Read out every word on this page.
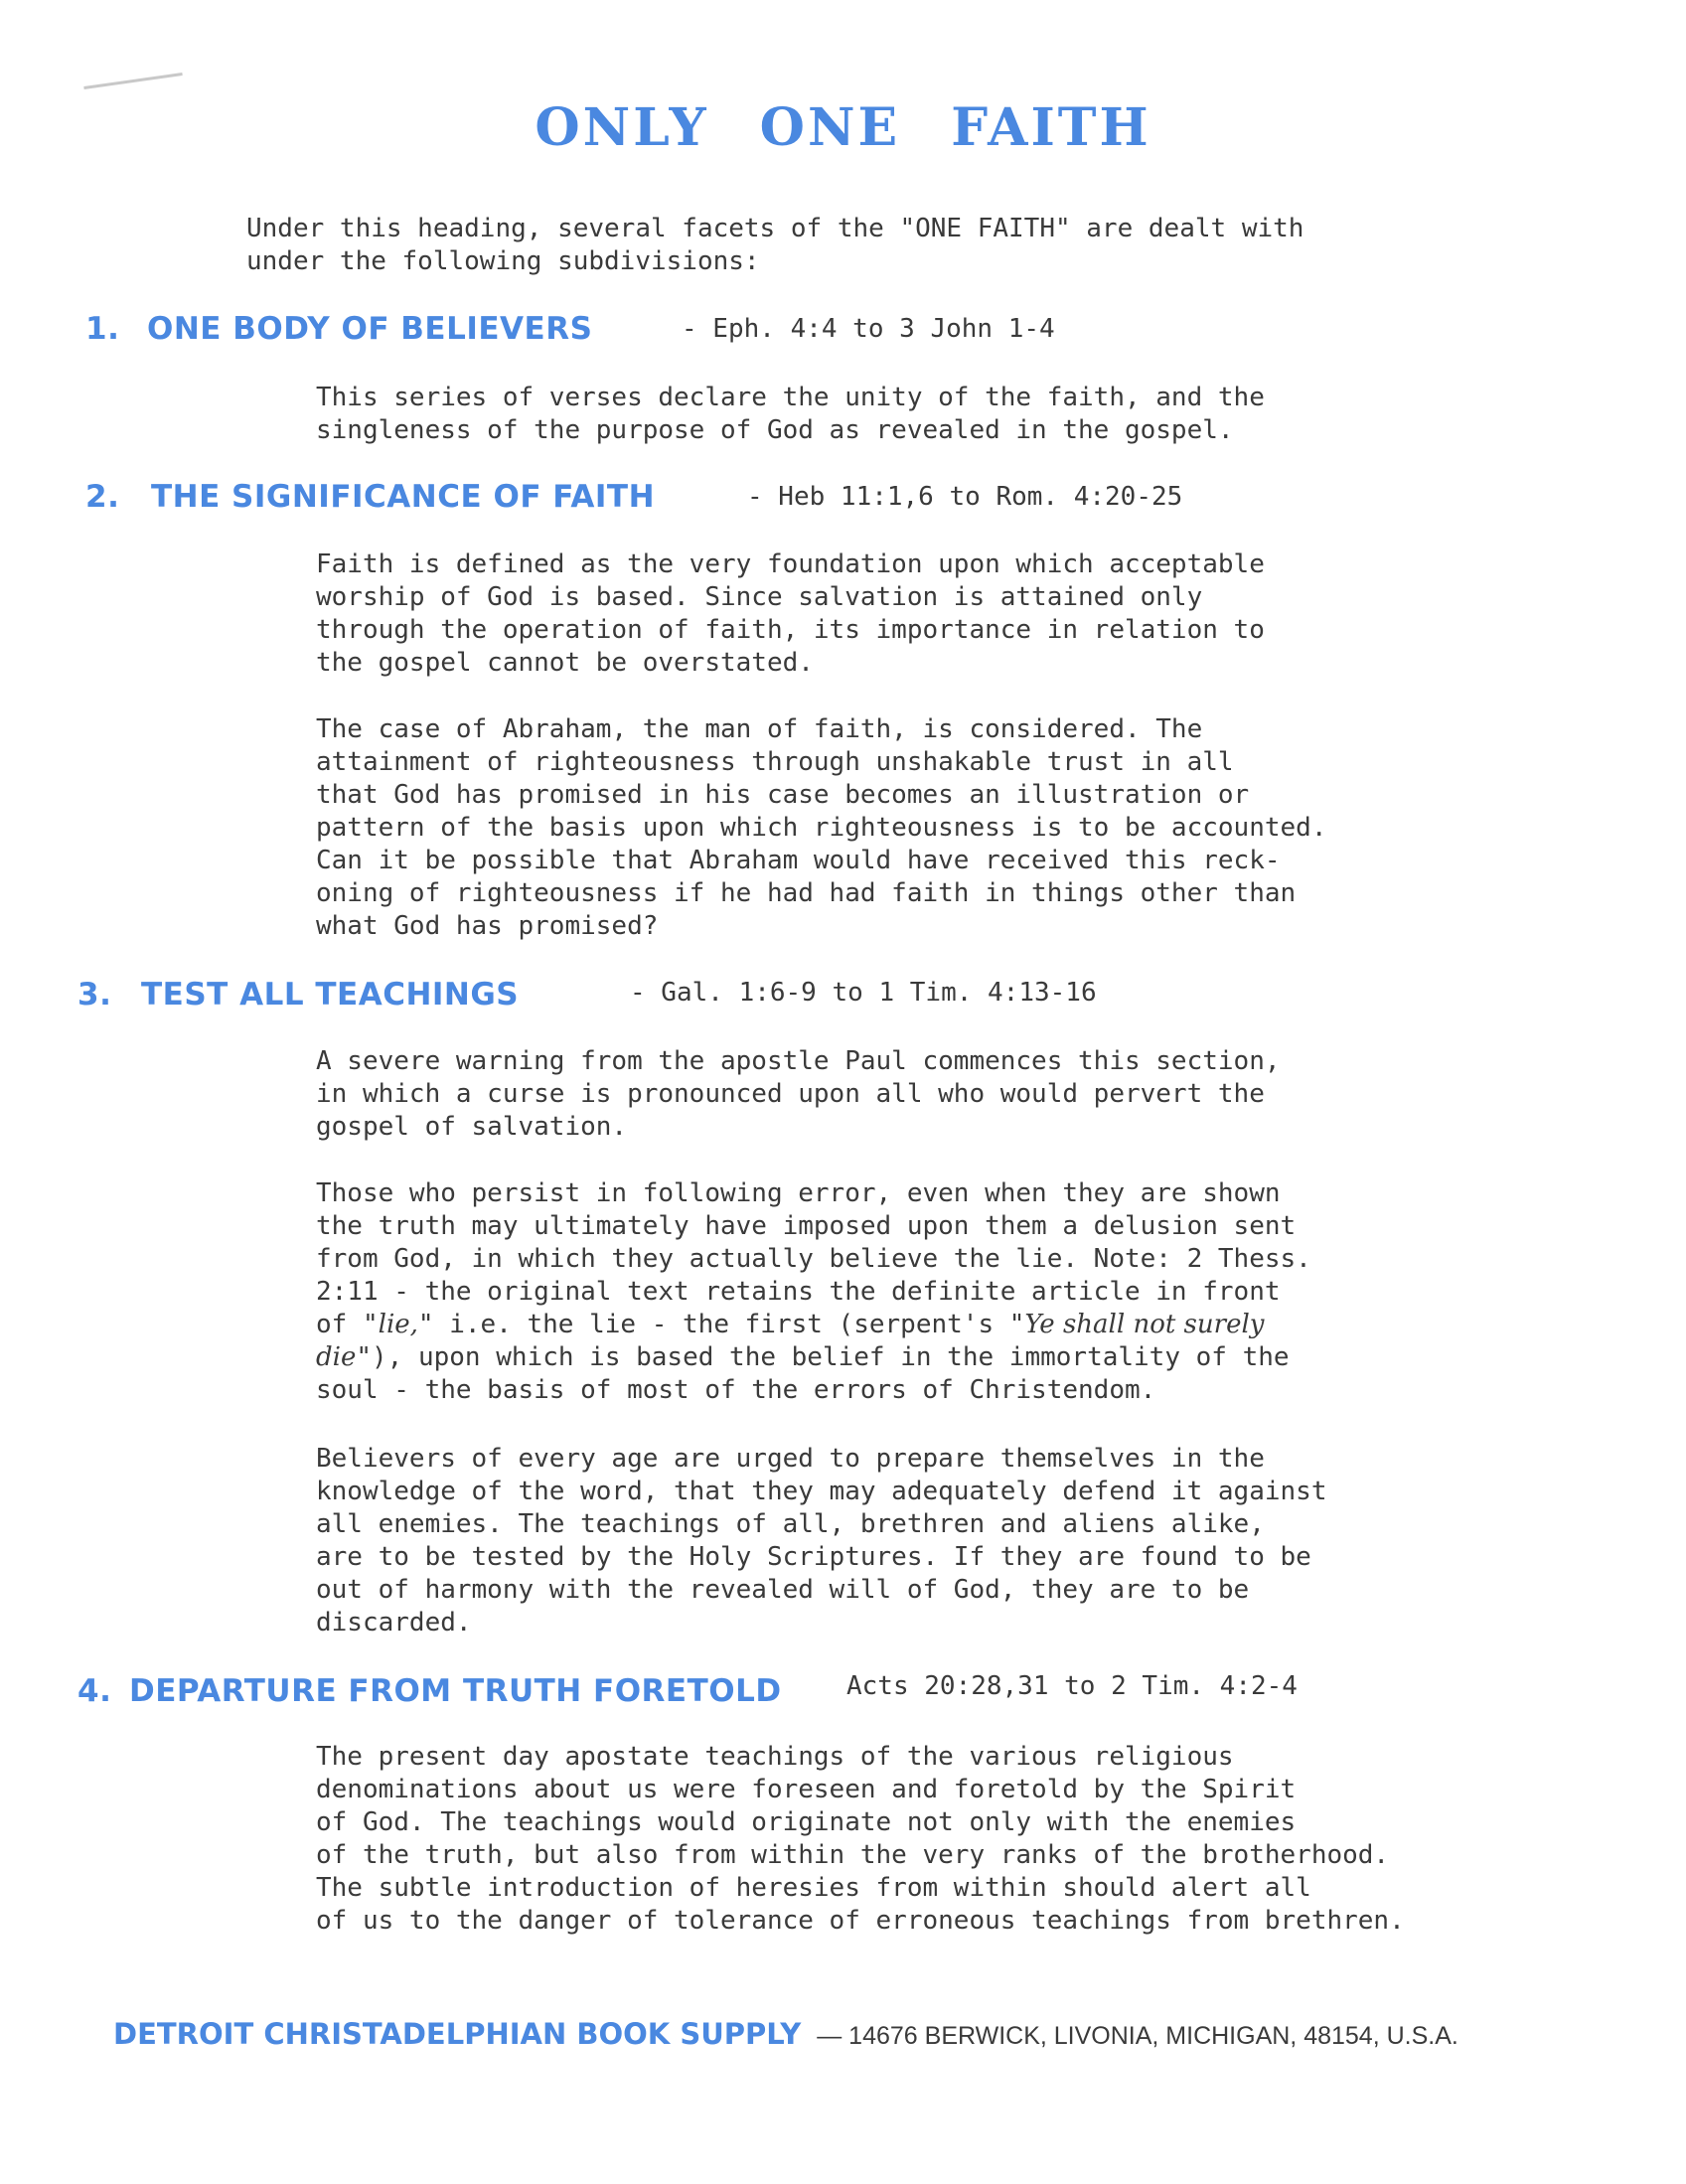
ONLY ONE FAITH

Under this heading, several facets of the "ONE FAITH" are dealt with
under the following subdivisions:

1. ONE BODY OF BELIEVERS	- Eph. 4:4 to 3 John 1-4

This series of verses declare the unity of the faith, and the
singleness of the purpose of God as revealed in the gospel.

2. THE SIGNIFICANCE OF FAITH	- Heb 11:1,6 to Rom. 4:20-25

Faith is defined as the very foundation upon which acceptable
worship of God is based. Since salvation is attained only
through the operation of faith, its importance in relation to
the gospel cannot be overstated.

The case of Abraham, the man of faith, is considered. The
attainment of righteousness through unshakable trust in all
that God has promised in his case becomes an illustration or
pattern of the basis upon which righteousness is to be accounted.
Can it be possible that Abraham would have received this reck-
oning of righteousness if he had had faith in things other than
what God has promised?

3. TEST ALL TEACHINGS	- Gal. 1:6-9 to 1 Tim. 4:13-16

A severe warning from the apostle Paul commences this section,
in which a curse is pronounced upon all who would pervert the
gospel of salvation.

Those who persist in following error, even when they are shown
the truth may ultimately have imposed upon them a delusion sent
from God, in which they actually believe the lie. Note: 2 Thess.
2:11 - the original text retains the definite article in front
of "lie," i.e. the lie - the first (serpent's "Ye shall not surely
die"), upon which is based the belief in the immortality of the
soul - the basis of most of the errors of Christendom.

Believers of every age are urged to prepare themselves in the
knowledge of the word, that they may adequately defend it against
all enemies. The teachings of all, brethren and aliens alike,
are to be tested by the Holy Scriptures. If they are found to be
out of harmony with the revealed will of God, they are to be
discarded.

4. DEPARTURE FROM TRUTH FORETOLD	Acts 20:28,31 to 2 Tim. 4:2-4

The present day apostate teachings of the various religious
denominations about us were foreseen and foretold by the Spirit
of God. The teachings would originate not only with the enemies
of the truth, but also from within the very ranks of the brotherhood.
The subtle introduction of heresies from within should alert all
of us to the danger of tolerance of erroneous teachings from brethren.

DETROIT CHRISTADELPHIAN BOOK SUPPLY — 14676 BERWICK, LIVONIA, MICHIGAN, 48154, U.S.A.
